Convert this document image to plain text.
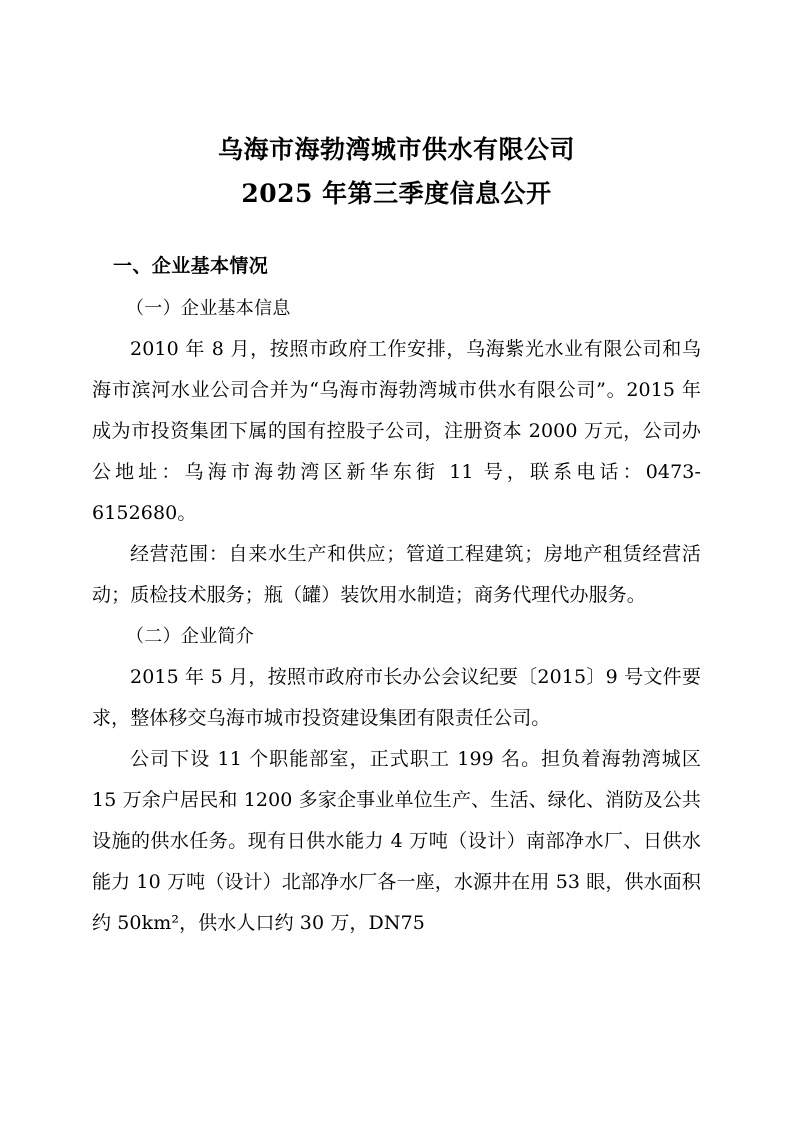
乌海市海勃湾城市供水有限公司
2025 年第三季度信息公开
一、企业基本情况
（一）企业基本信息

2010 年 8 月，按照市政府工作安排，乌海紫光水业有限公司和乌海市滨河水业公司合并为“乌海市海勃湾城市供水有限公司”。2015 年成为市投资集团下属的国有控股子公司，注册资本 2000 万元，公司办公地址：乌海市海勃湾区新华东街 11 号，联系电话：0473-6152680。

经营范围：自来水生产和供应；管道工程建筑；房地产租赁经营活动；质检技术服务；瓶（罐）装饮用水制造；商务代理代办服务。

（二）企业简介

2015 年 5 月，按照市政府市长办公会议纪要〔2015〕9 号文件要求，整体移交乌海市城市投资建设集团有限责任公司。

公司下设 11 个职能部室，正式职工 199 名。担负着海勃湾城区 15 万余户居民和 1200 多家企事业单位生产、生活、绿化、消防及公共设施的供水任务。现有日供水能力 4 万吨（设计）南部净水厂、日供水能力 10 万吨（设计）北部净水厂各一座，水源井在用 53 眼，供水面积约 50km²，供水人口约 30 万，DN75
